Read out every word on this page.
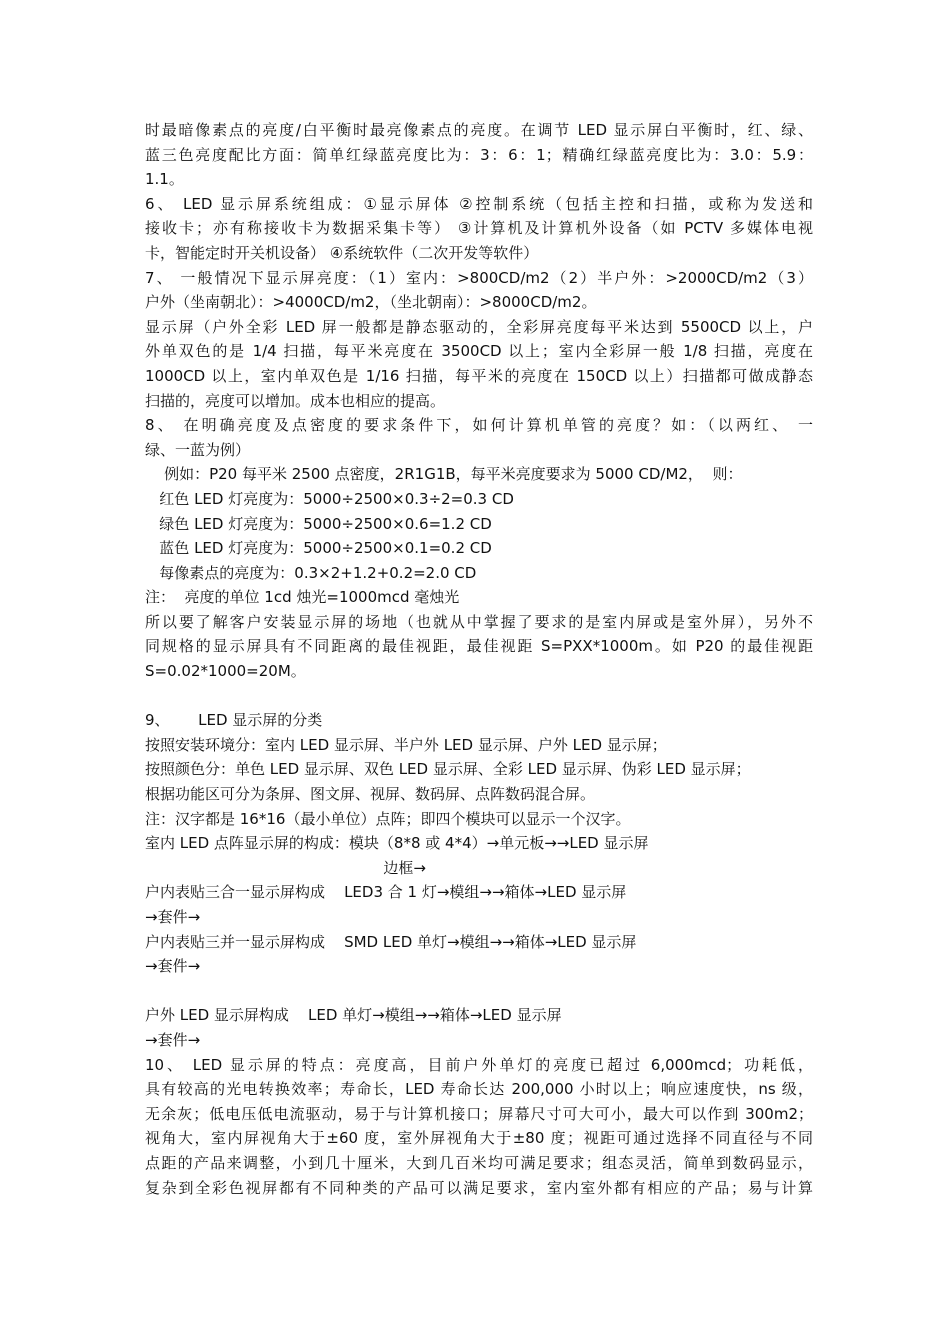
时最暗像素点的亮度/白平衡时最亮像素点的亮度。在调节 LED 显示屏白平衡时，红、绿、
蓝三色亮度配比方面：简单红绿蓝亮度比为：3：6：1；精确红绿蓝亮度比为：3.0：5.9：
1.1。
6、 LED 显示屏系统组成：①显示屏体 ②控制系统（包括主控和扫描，或称为发送和
接收卡；亦有称接收卡为数据采集卡等） ③计算机及计算机外设备（如 PCTV 多媒体电视
卡，智能定时开关机设备） ④系统软件（二次开发等软件）
7、 一般情况下显示屏亮度：（1）室内：>800CD/m2（2）半户外：>2000CD/m2（3）
户外（坐南朝北）：>4000CD/m2，（坐北朝南）：>8000CD/m2。
显示屏（户外全彩 LED 屏一般都是静态驱动的，全彩屏亮度每平米达到 5500CD 以上，户
外单双色的是 1/4 扫描，每平米亮度在 3500CD 以上；室内全彩屏一般 1/8 扫描，亮度在
1000CD 以上，室内单双色是 1/16 扫描，每平米的亮度在 150CD 以上）扫描都可做成静态
扫描的，亮度可以增加。成本也相应的提高。
8、 在明确亮度及点密度的要求条件下，如何计算机单管的亮度？如：（以两红、 一
绿、一蓝为例）
例如：P20 每平米 2500 点密度，2R1G1B，每平米亮度要求为 5000 CD/M2，  则：
红色 LED 灯亮度为：5000÷2500×0.3÷2=0.3 CD
绿色 LED 灯亮度为：5000÷2500×0.6=1.2 CD
蓝色 LED 灯亮度为：5000÷2500×0.1=0.2 CD
每像素点的亮度为：0.3×2+1.2+0.2=2.0 CD
注：  亮度的单位 1cd 烛光=1000mcd 毫烛光
所以要了解客户安装显示屏的场地（也就从中掌握了要求的是室内屏或是室外屏），另外不
同规格的显示屏具有不同距离的最佳视距，最佳视距 S=PXX*1000m。如 P20 的最佳视距
S=0.02*1000=20M。
9、      LED 显示屏的分类
按照安装环境分：室内 LED 显示屏、半户外 LED 显示屏、户外 LED 显示屏；
按照颜色分：单色 LED 显示屏、双色 LED 显示屏、全彩 LED 显示屏、伪彩 LED 显示屏；
根据功能区可分为条屏、图文屏、视屏、数码屏、点阵数码混合屏。
注：汉字都是 16*16（最小单位）点阵；即四个模块可以显示一个汉字。
室内 LED 点阵显示屏的构成：模块（8*8 或 4*4）→单元板→→LED 显示屏
边框→
户内表贴三合一显示屏构成    LED3 合 1 灯→模组→→箱体→LED 显示屏
→套件→
户内表贴三并一显示屏构成    SMD LED 单灯→模组→→箱体→LED 显示屏
→套件→
户外 LED 显示屏构成    LED 单灯→模组→→箱体→LED 显示屏
→套件→
10、 LED 显示屏的特点：亮度高，目前户外单灯的亮度已超过 6,000mcd；功耗低，
具有较高的光电转换效率；寿命长，LED 寿命长达 200,000 小时以上；响应速度快，ns 级，
无余灰；低电压低电流驱动，易于与计算机接口；屏幕尺寸可大可小，最大可以作到 300m2；
视角大，室内屏视角大于±60 度，室外屏视角大于±80 度；视距可通过选择不同直径与不同
点距的产品来调整，小到几十厘米，大到几百米均可满足要求；组态灵活，简单到数码显示，
复杂到全彩色视屏都有不同种类的产品可以满足要求，室内室外都有相应的产品；易与计算
